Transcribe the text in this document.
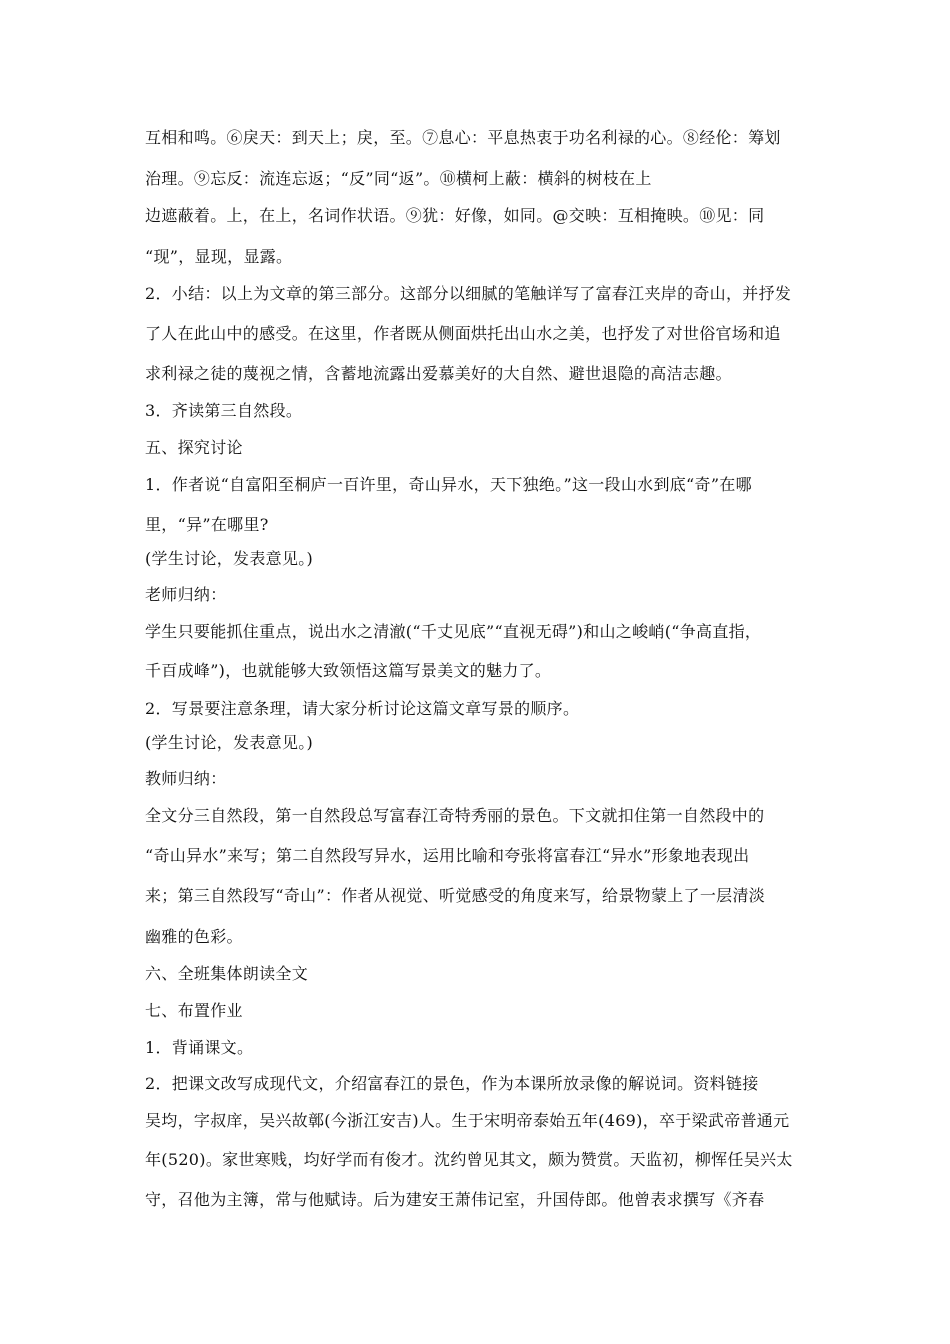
互相和鸣。⑥戾天：到天上；戾，至。⑦息心：平息热衷于功名利禄的心。⑧经伦：筹划
治理。⑨忘反：流连忘返；“反”同“返”。⑩横柯上蔽：横斜的树枝在上
边遮蔽着。上，在上，名词作状语。⑨犹：好像，如同。@交映：互相掩映。⑩见：同
“现”，显现，显露。
2．小结：以上为文章的第三部分。这部分以细腻的笔触详写了富春江夹岸的奇山，并抒发
了人在此山中的感受。在这里，作者既从侧面烘托出山水之美，也抒发了对世俗官场和追
求利禄之徒的蔑视之情，含蓄地流露出爱慕美好的大自然、避世退隐的高洁志趣。
3．齐读第三自然段。
五、探究讨论
1．作者说“自富阳至桐庐一百许里，奇山异水，天下独绝。”这一段山水到底“奇”在哪
里，“异”在哪里?
(学生讨论，发表意见。)
老师归纳：
学生只要能抓住重点，说出水之清澈(“千丈见底”“直视无碍”)和山之峻峭(“争高直指，
千百成峰”)，也就能够大致领悟这篇写景美文的魅力了。
2．写景要注意条理，请大家分析讨论这篇文章写景的顺序。
(学生讨论，发表意见。)
教师归纳：
全文分三自然段，第一自然段总写富春江奇特秀丽的景色。下文就扣住第一自然段中的
“奇山异水”来写；第二自然段写异水，运用比喻和夸张将富春江“异水”形象地表现出
来；第三自然段写“奇山”：作者从视觉、听觉感受的角度来写，给景物蒙上了一层清淡
幽雅的色彩。
六、全班集体朗读全文
七、布置作业
1．背诵课文。
2．把课文改写成现代文，介绍富春江的景色，作为本课所放录像的解说词。资料链接
吴均，字叔庠，吴兴故鄣(今浙江安吉)人。生于宋明帝泰始五年(469)，卒于梁武帝普通元
年(520)。家世寒贱，均好学而有俊才。沈约曾见其文，颇为赞赏。天监初，柳恽任吴兴太
守，召他为主簿，常与他赋诗。后为建安王萧伟记室，升国侍郎。他曾表求撰写《齐春
